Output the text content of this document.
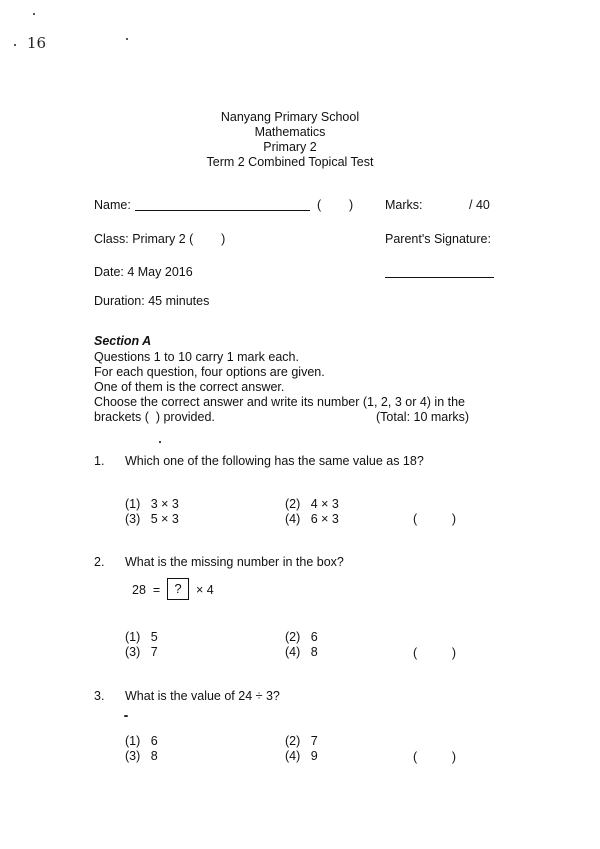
16
Nanyang Primary School
Mathematics
Primary 2
Term 2 Combined Topical Test
Name:	(        )	Marks:	/ 40
Class: Primary 2 (        )	Parent's Signature:
Date: 4 May 2016
Duration: 45 minutes
Section A
Questions 1 to 10 carry 1 mark each.
For each question, four options are given.
One of them is the correct answer.
Choose the correct answer and write its number (1, 2, 3 or 4) in the
brackets (  ) provided.	(Total: 10 marks)
1. Which one of the following has the same value as 18?
(1)   3 × 3	(2)   4 × 3
(3)   5 × 3	(4)   6 × 3	(          )
2. What is the missing number in the box?
28  =	?	× 4
(1)   5	(2)   6
(3)   7	(4)   8	(          )
3. What is the value of 24 ÷ 3?
(1)   6	(2)   7
(3)   8	(4)   9	(          )
